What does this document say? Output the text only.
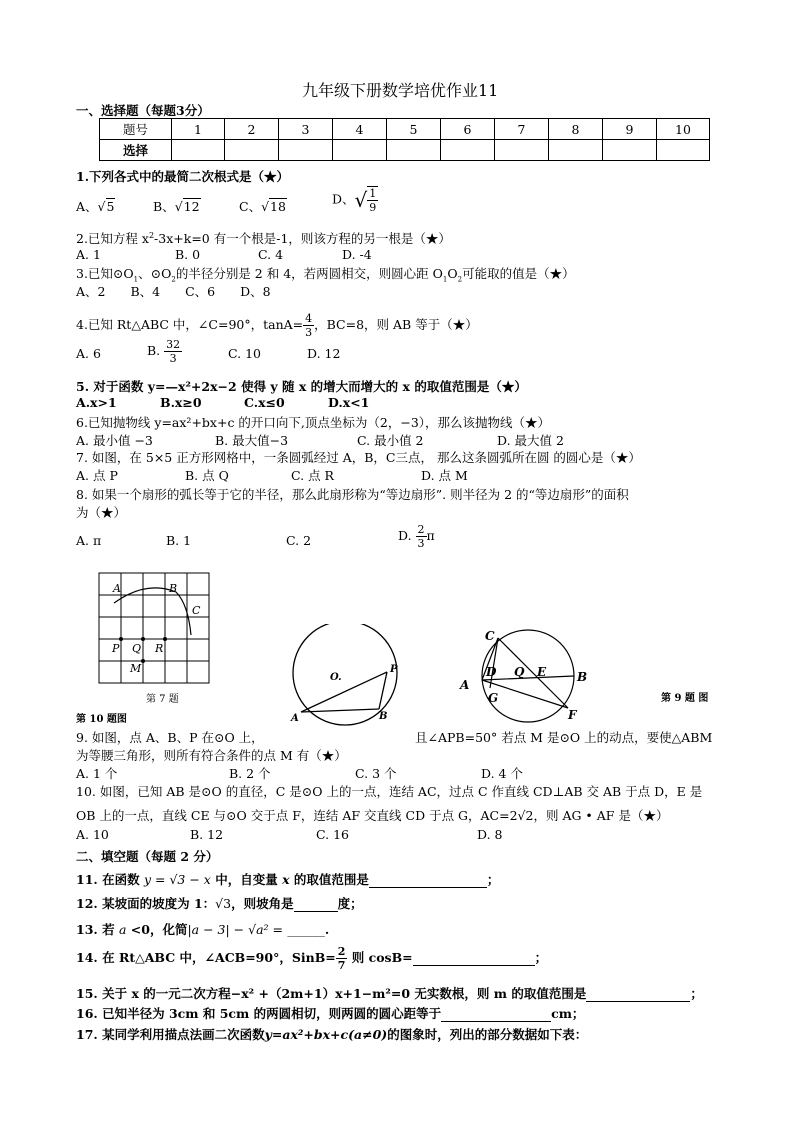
九年级下册数学培优作业11
一、选择题（每题3分）
题号	1	2	3	4	5	6	7	8	9	10
选择										
1.下列各式中的最简二次根式是（★）
A、√5	B、√12	C、√18	D、√ $\frac{1}{9}$
2.已知方程 $x^2-3x+k=0$ 有一个根是-1，则该方程的另一根是（★）
A. 1	B. 0	C. 4	D. -4
3.已知$⊙O_1$、$⊙O_2$的半径分别是 2 和 4，若两圆相交，则圆心距 $O_1O_2$可能取的值是（★）
A、2　　B、4　　C、6　　D、8
4.已知 Rt△ABC 中，∠C=90°，$\tan A= \frac{4}{3}$ ，BC=8，则 AB 等于（★）
A. 6	B. $\frac{32}{3}$	C. 10	D. 12
5. 对于函数 y=—x²+2x−2 使得 y 随 x 的增大而增大的 x 的取值范围是（★）
A.x>1	B.x≥0	C.x≤0	D.x<1
6.已知抛物线 y=ax²+bx+c 的开口向下,顶点坐标为（2，−3），那么该抛物线（★）
A. 最小值 −3	B. 最大值−3	C. 最小值 2	D. 最大值 2
7. 如图，在 5×5 正方形网格中，一条圆弧经过 A，B，C三点， 那么这条圆弧所在圆 的圆心是（★）
A. 点 P	B. 点 Q	C. 点 R	D. 点 M
8. 如果一个扇形的弧长等于它的半径，那么此扇形称为“等边扇形”. 则半径为 2 的“等边扇形”的面积
为（★）
A. π	B. 1	C. 2	D. $\frac{2}{3}$ π
A	B
C
P Q R
M
第 7 题
O.
P
A	B
第 10 题图
C
D Q E	B
A
G
F
第 9 题 图
9. 如图，点 A、B、P 在⊙O 上，	且∠APB=50° 若点 M 是⊙O 上的动点，要使△ABM
为等腰三角形，则所有符合条件的点 M 有（★）
A. 1 个	B. 2 个	C. 3 个	D. 4 个
10. 如图，已知 AB 是⊙O 的直径，C 是⊙O 上的一点，连结 AC，过点 C 作直线 CD⊥AB 交 AB 于点 D，E 是
OB 上的一点，直线 CE 与⊙O 交于点 F，连结 AF 交直线 CD 于点 G，AC=2√2，则 AG • AF 是（★）
A. 10	B. 12	C. 16	D. 8
二、填空题（每题 2 分）
11. 在函数 y = √3 − x 中，自变量 x 的取值范围是	；
12. 某坡面的坡度为 1：√3，则坡角是	度；
13. 若 a <0，化简|a − 3| − √a² = ______.
14. 在 Rt△ABC 中，∠ACB=90°，SinB= $\frac{2}{7}$ 则 cosB=	；
15. 关于 x 的一元二次方程−x² +（2m+1）x+1−m²=0 无实数根，则 m 的取值范围是	；
16. 已知半径为 3cm 和 5cm 的两圆相切，则两圆的圆心距等于	cm；
17. 某同学利用描点法画二次函数y=ax²+bx+c(a≠0)的图象时，列出的部分数据如下表：
